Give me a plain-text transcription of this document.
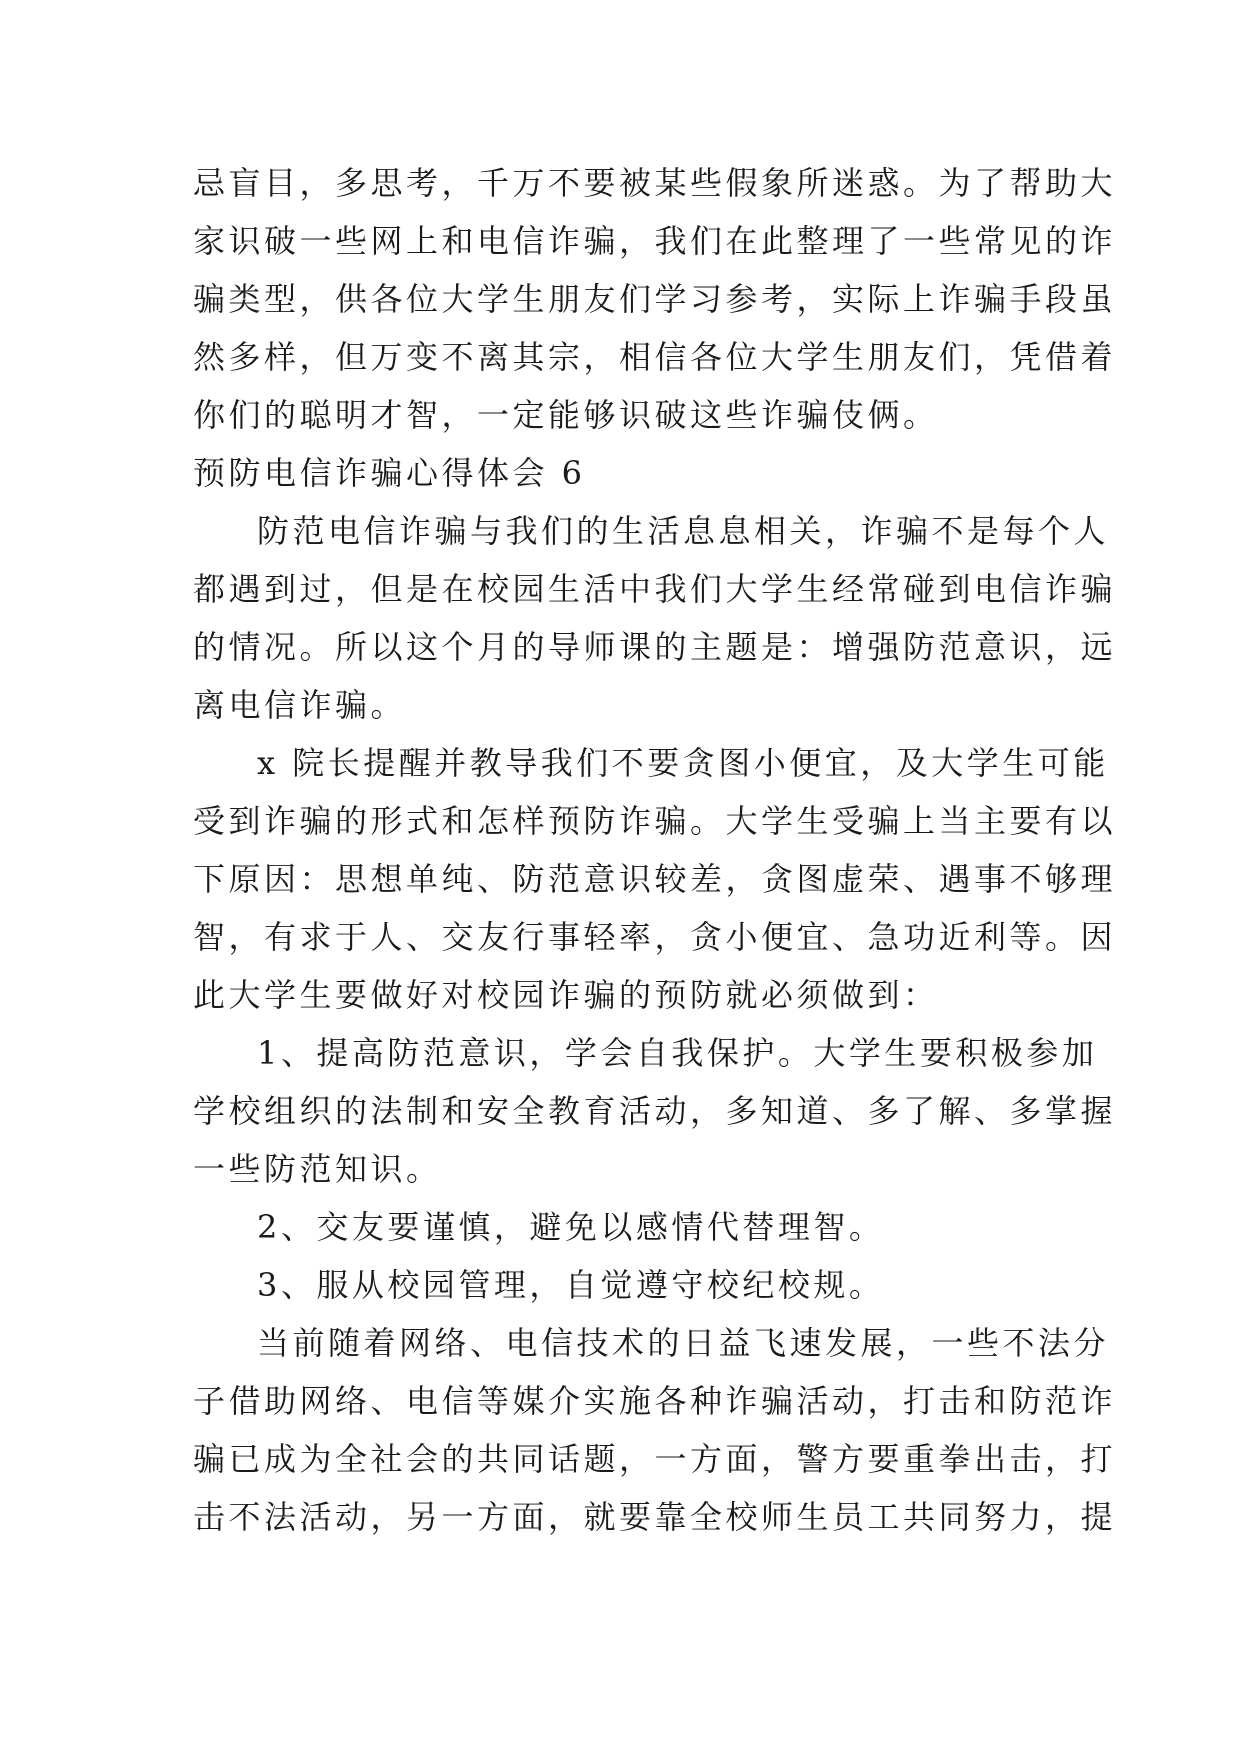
忌盲目，多思考，千万不要被某些假象所迷惑。为了帮助大
家识破一些网上和电信诈骗，我们在此整理了一些常见的诈
骗类型，供各位大学生朋友们学习参考，实际上诈骗手段虽
然多样，但万变不离其宗，相信各位大学生朋友们，凭借着
你们的聪明才智，一定能够识破这些诈骗伎俩。
预防电信诈骗心得体会 6
防范电信诈骗与我们的生活息息相关，诈骗不是每个人
都遇到过，但是在校园生活中我们大学生经常碰到电信诈骗
的情况。所以这个月的导师课的主题是：增强防范意识，远
离电信诈骗。
x 院长提醒并教导我们不要贪图小便宜，及大学生可能
受到诈骗的形式和怎样预防诈骗。大学生受骗上当主要有以
下原因：思想单纯、防范意识较差，贪图虚荣、遇事不够理
智，有求于人、交友行事轻率，贪小便宜、急功近利等。因
此大学生要做好对校园诈骗的预防就必须做到：
1、提高防范意识，学会自我保护。大学生要积极参加
学校组织的法制和安全教育活动，多知道、多了解、多掌握
一些防范知识。
2、交友要谨慎，避免以感情代替理智。
3、服从校园管理，自觉遵守校纪校规。
当前随着网络、电信技术的日益飞速发展，一些不法分
子借助网络、电信等媒介实施各种诈骗活动，打击和防范诈
骗已成为全社会的共同话题，一方面，警方要重拳出击，打
击不法活动，另一方面，就要靠全校师生员工共同努力，提
